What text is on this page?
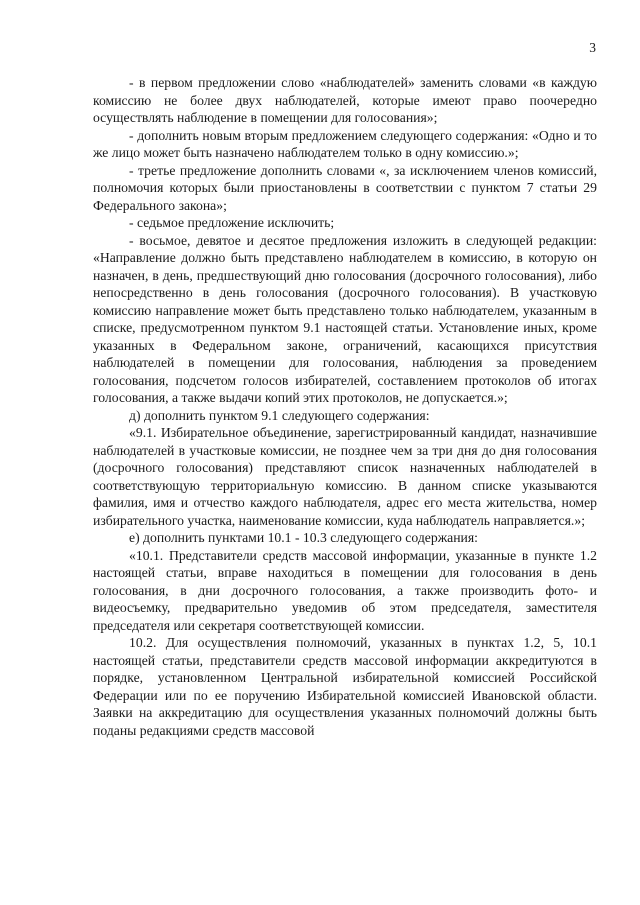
3

- в первом предложении слово «наблюдателей» заменить словами «в каждую комиссию не более двух наблюдателей, которые имеют право поочередно осуществлять наблюдение в помещении для голосования»;

- дополнить новым вторым предложением следующего содержания: «Одно и то же лицо может быть назначено наблюдателем только в одну комиссию.»;

- третье предложение дополнить словами «, за исключением членов комиссий, полномочия которых были приостановлены в соответствии с пунктом 7 статьи 29 Федерального закона»;

- седьмое предложение исключить;

- восьмое, девятое и десятое предложения изложить в следующей редакции: «Направление должно быть представлено наблюдателем в комиссию, в которую он назначен, в день, предшествующий дню голосования (досрочного голосования), либо непосредственно в день голосования (досрочного голосования). В участковую комиссию направление может быть представлено только наблюдателем, указанным в списке, предусмотренном пунктом 9.1 настоящей статьи. Установление иных, кроме указанных в Федеральном законе, ограничений, касающихся присутствия наблюдателей в помещении для голосования, наблюдения за проведением голосования, подсчетом голосов избирателей, составлением протоколов об итогах голосования, а также выдачи копий этих протоколов, не допускается.»;

д) дополнить пунктом 9.1 следующего содержания:

«9.1. Избирательное объединение, зарегистрированный кандидат, назначившие наблюдателей в участковые комиссии, не позднее чем за три дня до дня голосования (досрочного голосования) представляют список назначенных наблюдателей в соответствующую территориальную комиссию. В данном списке указываются фамилия, имя и отчество каждого наблюдателя, адрес его места жительства, номер избирательного участка, наименование комиссии, куда наблюдатель направляется.»;

е) дополнить пунктами 10.1 - 10.3 следующего содержания:

«10.1. Представители средств массовой информации, указанные в пункте 1.2 настоящей статьи, вправе находиться в помещении для голосования в день голосования, в дни досрочного голосования, а также производить фото- и видеосъемку, предварительно уведомив об этом председателя, заместителя председателя или секретаря соответствующей комиссии.

10.2. Для осуществления полномочий, указанных в пунктах 1.2, 5, 10.1 настоящей статьи, представители средств массовой информации аккредитуются в порядке, установленном Центральной избирательной комиссией Российской Федерации или по ее поручению Избирательной комиссией Ивановской области. Заявки на аккредитацию для осуществления указанных полномочий должны быть поданы редакциями средств массовой
